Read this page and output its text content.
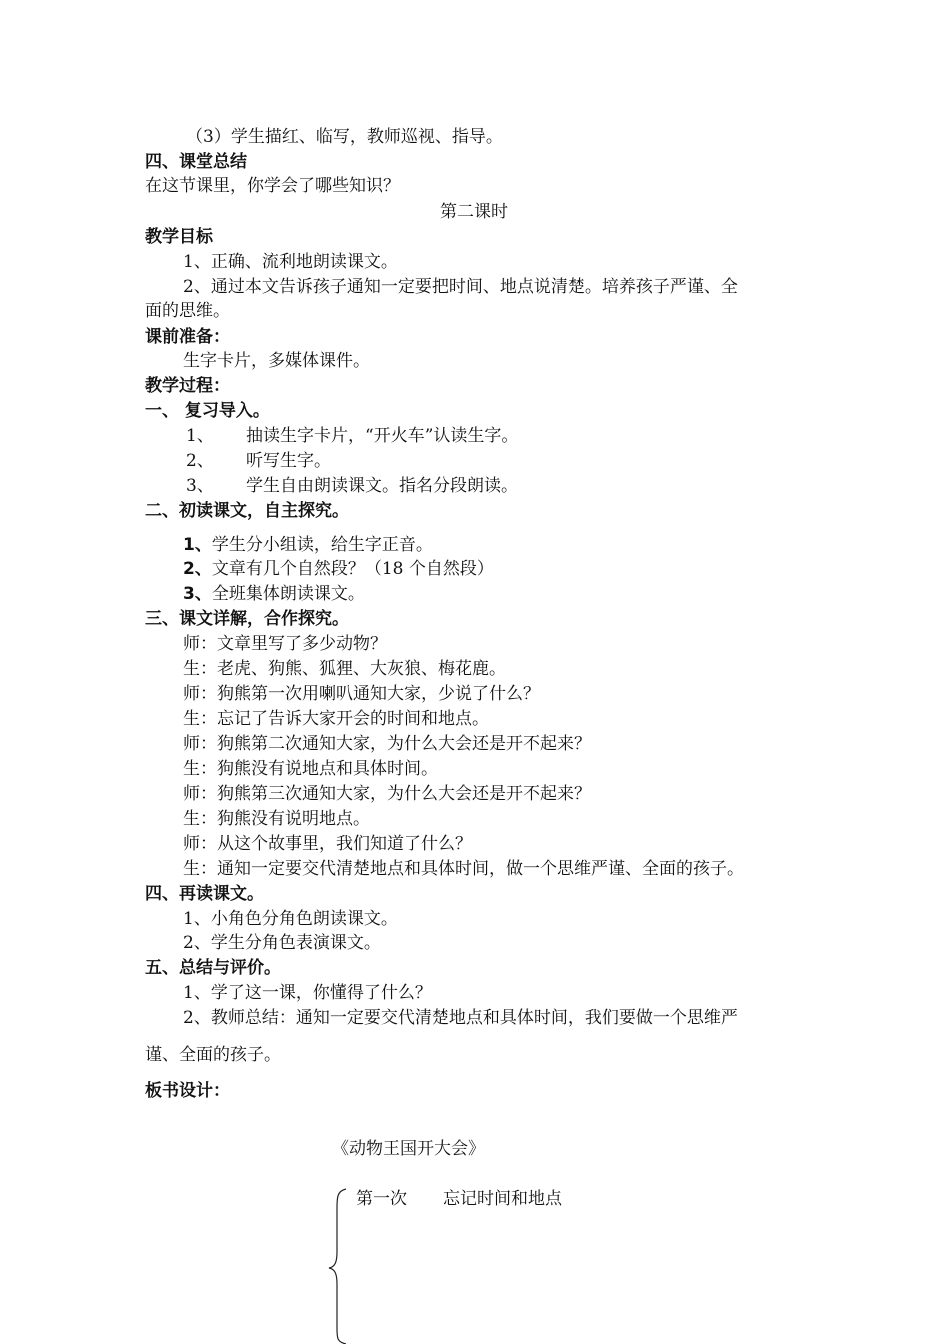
（3）学生描红、临写，教师巡视、指导。
四、课堂总结
在这节课里，你学会了哪些知识？
第二课时
教学目标
1、正确、流利地朗读课文。
2、通过本文告诉孩子通知一定要把时间、地点说清楚。培养孩子严谨、全
面的思维。
课前准备：
生字卡片，多媒体课件。
教学过程：
一、 复习导入。
1、 抽读生字卡片，“开火车”认读生字。
2、 听写生字。
3、 学生自由朗读课文。指名分段朗读。
二、初读课文，自主探究。
1、学生分小组读，给生字正音。
2、文章有几个自然段？（18 个自然段）
3、全班集体朗读课文。
三、课文详解，合作探究。
师：文章里写了多少动物？
生：老虎、狗熊、狐狸、大灰狼、梅花鹿。
师：狗熊第一次用喇叭通知大家，少说了什么？
生：忘记了告诉大家开会的时间和地点。
师：狗熊第二次通知大家，为什么大会还是开不起来？
生：狗熊没有说地点和具体时间。
师：狗熊第三次通知大家，为什么大会还是开不起来？
生：狗熊没有说明地点。
师：从这个故事里，我们知道了什么？
生：通知一定要交代清楚地点和具体时间，做一个思维严谨、全面的孩子。
四、再读课文。
1、小角色分角色朗读课文。
2、学生分角色表演课文。
五、总结与评价。
1、学了这一课，你懂得了什么？
2、教师总结：通知一定要交代清楚地点和具体时间，我们要做一个思维严
谨、全面的孩子。
板书设计：
《动物王国开大会》
第一次 忘记时间和地点
